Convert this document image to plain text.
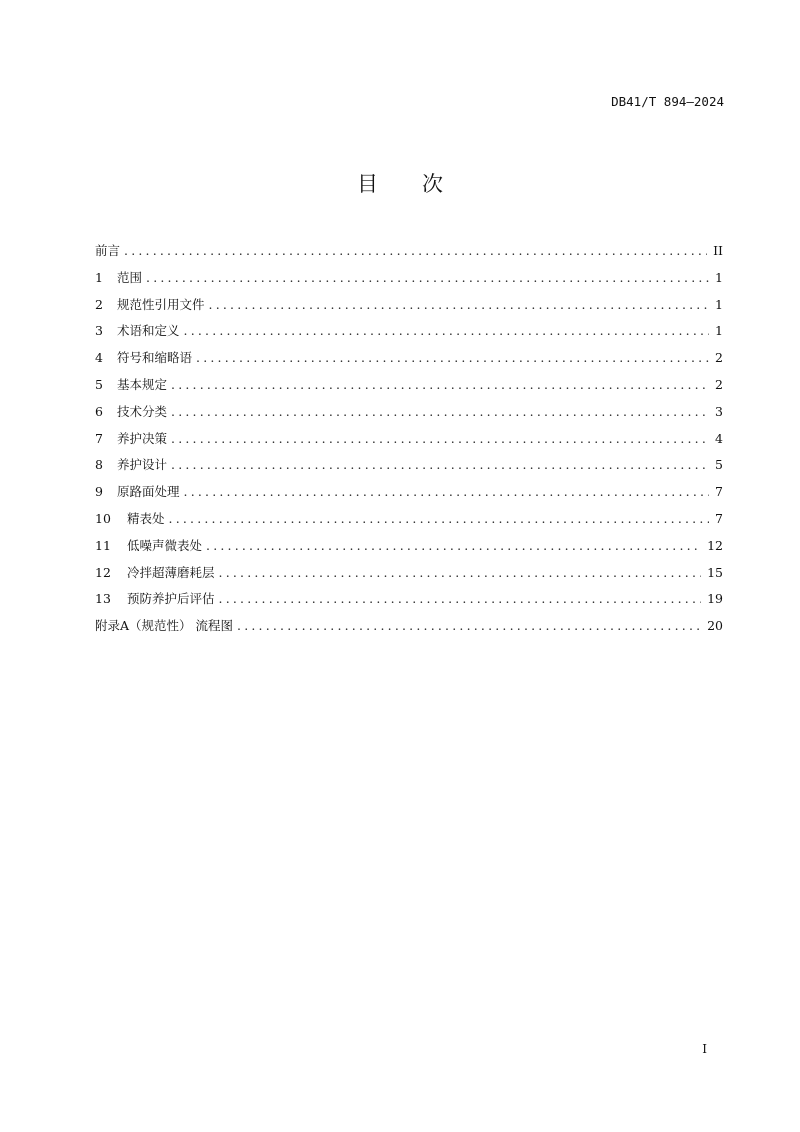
DB41/T 894—2024
目 次
前言 .....	II
1	范围 .....	1
2	规范性引用文件 .....	1
3	术语和定义 .....	1
4	符号和缩略语 .....	2
5	基本规定 .....	2
6	技术分类 .....	3
7	养护决策 .....	4
8	养护设计 .....	5
9	原路面处理 .....	7
10	精表处 .....	7
11	低噪声微表处 .....	12
12	冷拌超薄磨耗层 .....	15
13	预防养护后评估 .....	19
附录A（规范性） 流程图 .....	20
I
